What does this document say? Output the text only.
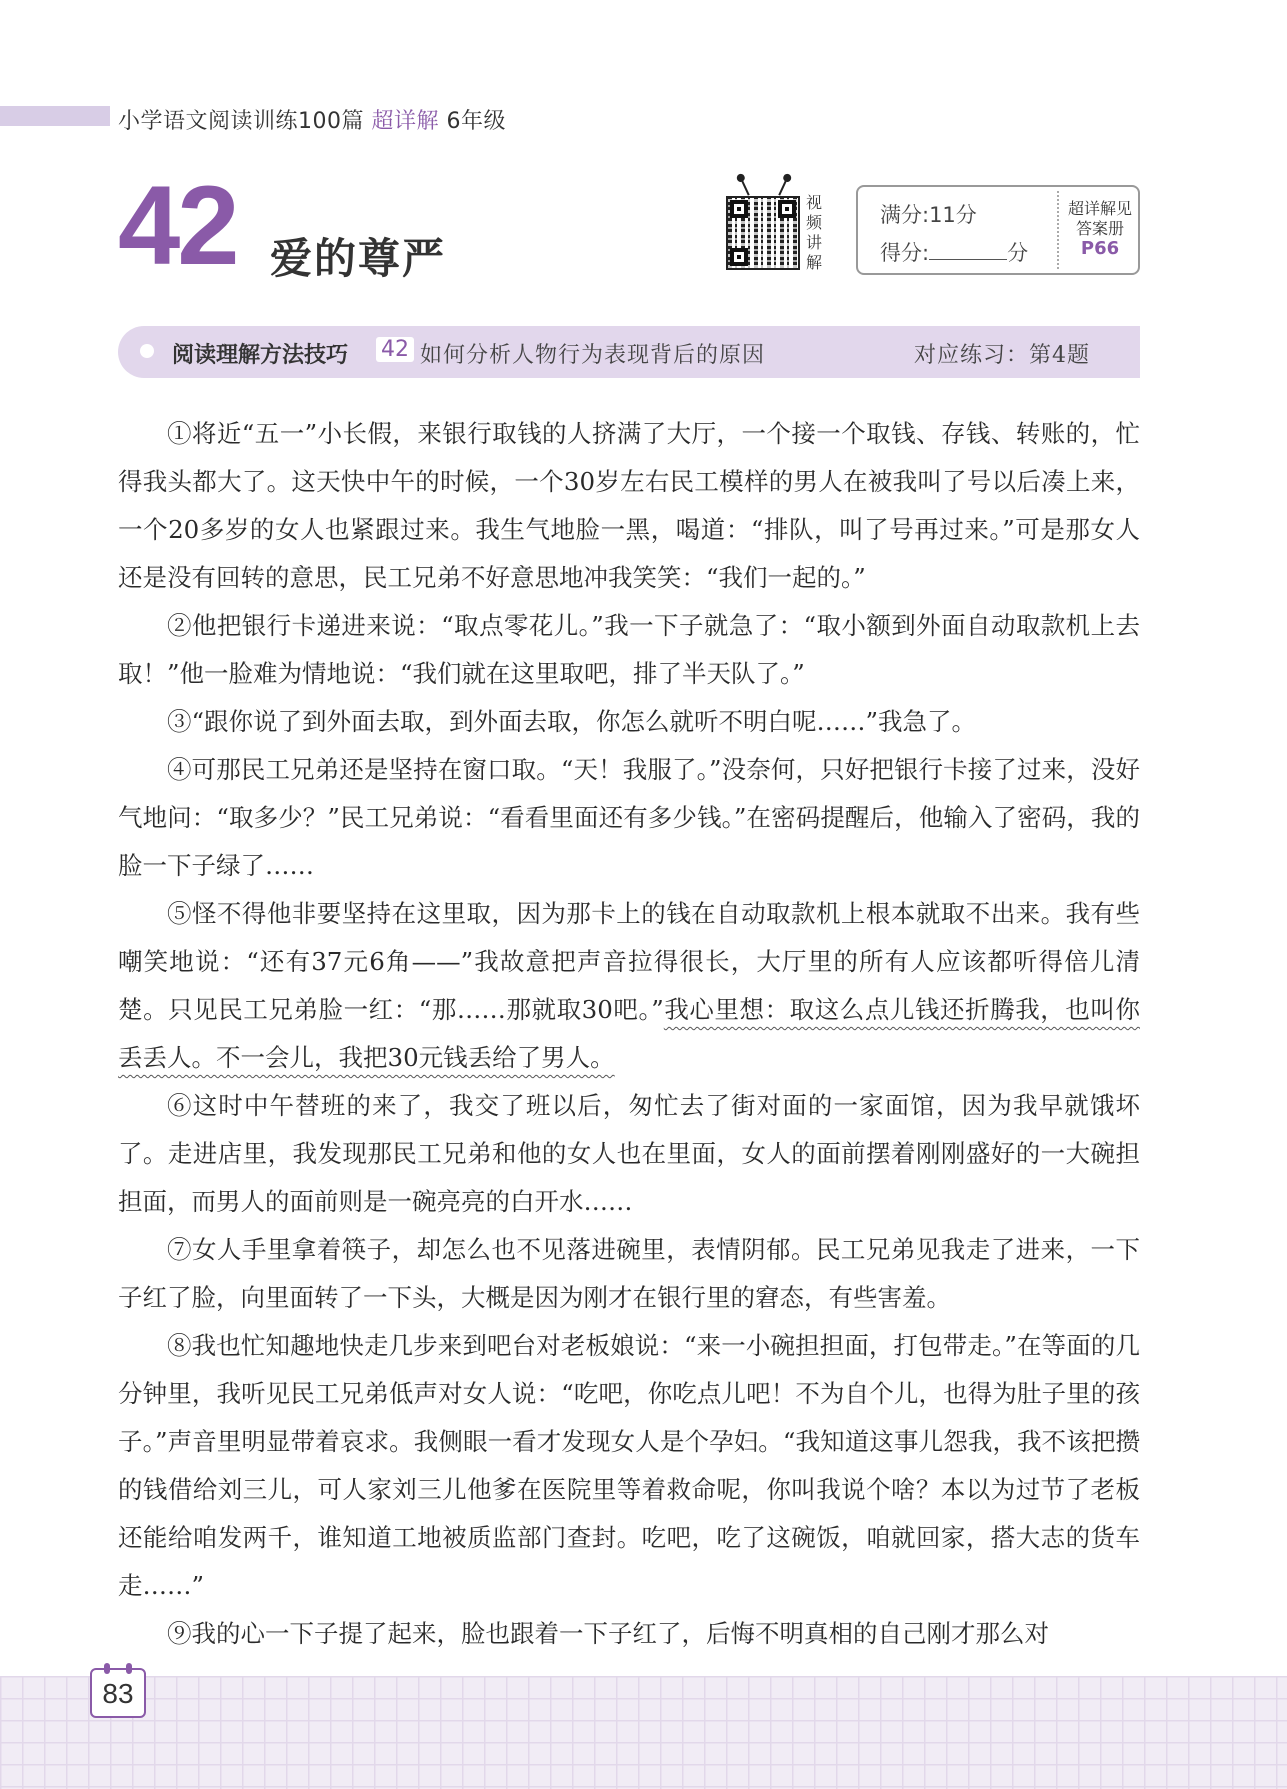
小学语文阅读训练100篇 超详解 6年级
42 爱的尊严
视频讲解
满分:11分
得分:	分
超详解见
答案册
P66
阅读理解方法技巧 42 如何分析人物行为表现背后的原因	对应练习：第4题

①将近“五一”小长假，来银行取钱的人挤满了大厅，一个接一个取钱、存钱、转账的，忙得我头都大了。这天快中午的时候，一个30岁左右民工模样的男人在被我叫了号以后凑上来，一个20多岁的女人也紧跟过来。我生气地脸一黑，喝道：“排队，叫了号再过来。”可是那女人还是没有回转的意思，民工兄弟不好意思地冲我笑笑：“我们一起的。”

②他把银行卡递进来说：“取点零花儿。”我一下子就急了：“取小额到外面自动取款机上去取！”他一脸难为情地说：“我们就在这里取吧，排了半天队了。”

③“跟你说了到外面去取，到外面去取，你怎么就听不明白呢……”我急了。

④可那民工兄弟还是坚持在窗口取。“天！我服了。”没奈何，只好把银行卡接了过来，没好气地问：“取多少？”民工兄弟说：“看看里面还有多少钱。”在密码提醒后，他输入了密码，我的脸一下子绿了……

⑤怪不得他非要坚持在这里取，因为那卡上的钱在自动取款机上根本就取不出来。我有些嘲笑地说：“还有37元6角——”我故意把声音拉得很长，大厅里的所有人应该都听得倍儿清楚。只见民工兄弟脸一红：“那……那就取30吧。”我心里想：取这么点儿钱还折腾我，也叫你丢丢人。不一会儿，我把30元钱丢给了男人。

⑥这时中午替班的来了，我交了班以后，匆忙去了街对面的一家面馆，因为我早就饿坏了。走进店里，我发现那民工兄弟和他的女人也在里面，女人的面前摆着刚刚盛好的一大碗担担面，而男人的面前则是一碗亮亮的白开水……

⑦女人手里拿着筷子，却怎么也不见落进碗里，表情阴郁。民工兄弟见我走了进来，一下子红了脸，向里面转了一下头，大概是因为刚才在银行里的窘态，有些害羞。

⑧我也忙知趣地快走几步来到吧台对老板娘说：“来一小碗担担面，打包带走。”在等面的几分钟里，我听见民工兄弟低声对女人说：“吃吧，你吃点儿吧！不为自个儿，也得为肚子里的孩子。”声音里明显带着哀求。我侧眼一看才发现女人是个孕妇。“我知道这事儿怨我，我不该把攒的钱借给刘三儿，可人家刘三儿他爹在医院里等着救命呢，你叫我说个啥？本以为过节了老板还能给咱发两千，谁知道工地被质监部门查封。吃吧，吃了这碗饭，咱就回家，搭大志的货车走……”

⑨我的心一下子提了起来，脸也跟着一下子红了，后悔不明真相的自己刚才那么对

83
